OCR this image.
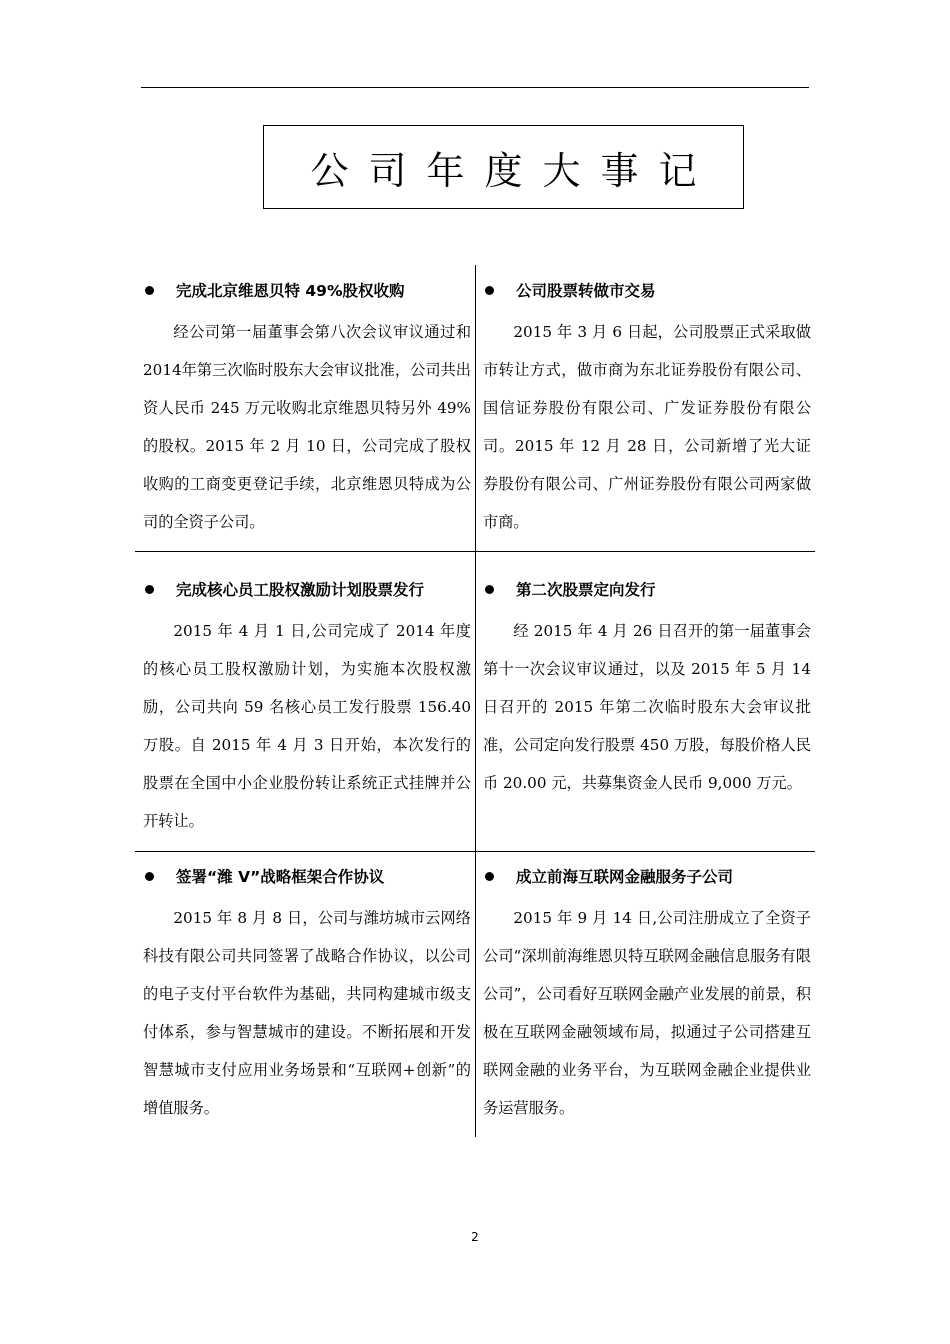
公司年度大事记
完成北京维恩贝特 49%股权收购
经公司第一届董事会第八次会议审议通过和2014年第三次临时股东大会审议批准，公司共出资人民币 245 万元收购北京维恩贝特另外 49%的股权。2015 年 2 月 10 日，公司完成了股权收购的工商变更登记手续，北京维恩贝特成为公司的全资子公司。
公司股票转做市交易
2015 年 3 月 6 日起，公司股票正式采取做市转让方式，做市商为东北证券股份有限公司、国信证券股份有限公司、广发证券股份有限公司。2015 年 12 月 28 日，公司新增了光大证券股份有限公司、广州证券股份有限公司两家做市商。
完成核心员工股权激励计划股票发行
2015 年 4 月 1 日,公司完成了 2014 年度的核心员工股权激励计划，为实施本次股权激励，公司共向 59 名核心员工发行股票 156.40 万股。自 2015 年 4 月 3 日开始，本次发行的股票在全国中小企业股份转让系统正式挂牌并公开转让。
第二次股票定向发行
经 2015 年 4 月 26 日召开的第一届董事会第十一次会议审议通过，以及 2015 年 5 月 14 日召开的 2015 年第二次临时股东大会审议批准，公司定向发行股票 450 万股，每股价格人民币 20.00 元，共募集资金人民币 9,000 万元。
签署“潍 V”战略框架合作协议
2015 年 8 月 8 日，公司与潍坊城市云网络科技有限公司共同签署了战略合作协议，以公司的电子支付平台软件为基础，共同构建城市级支付体系，参与智慧城市的建设。不断拓展和开发智慧城市支付应用业务场景和“互联网+创新”的增值服务。
成立前海互联网金融服务子公司
2015 年 9 月 14 日,公司注册成立了全资子公司“深圳前海维恩贝特互联网金融信息服务有限公司”，公司看好互联网金融产业发展的前景，积极在互联网金融领域布局，拟通过子公司搭建互联网金融的业务平台，为互联网金融企业提供业务运营服务。
2
